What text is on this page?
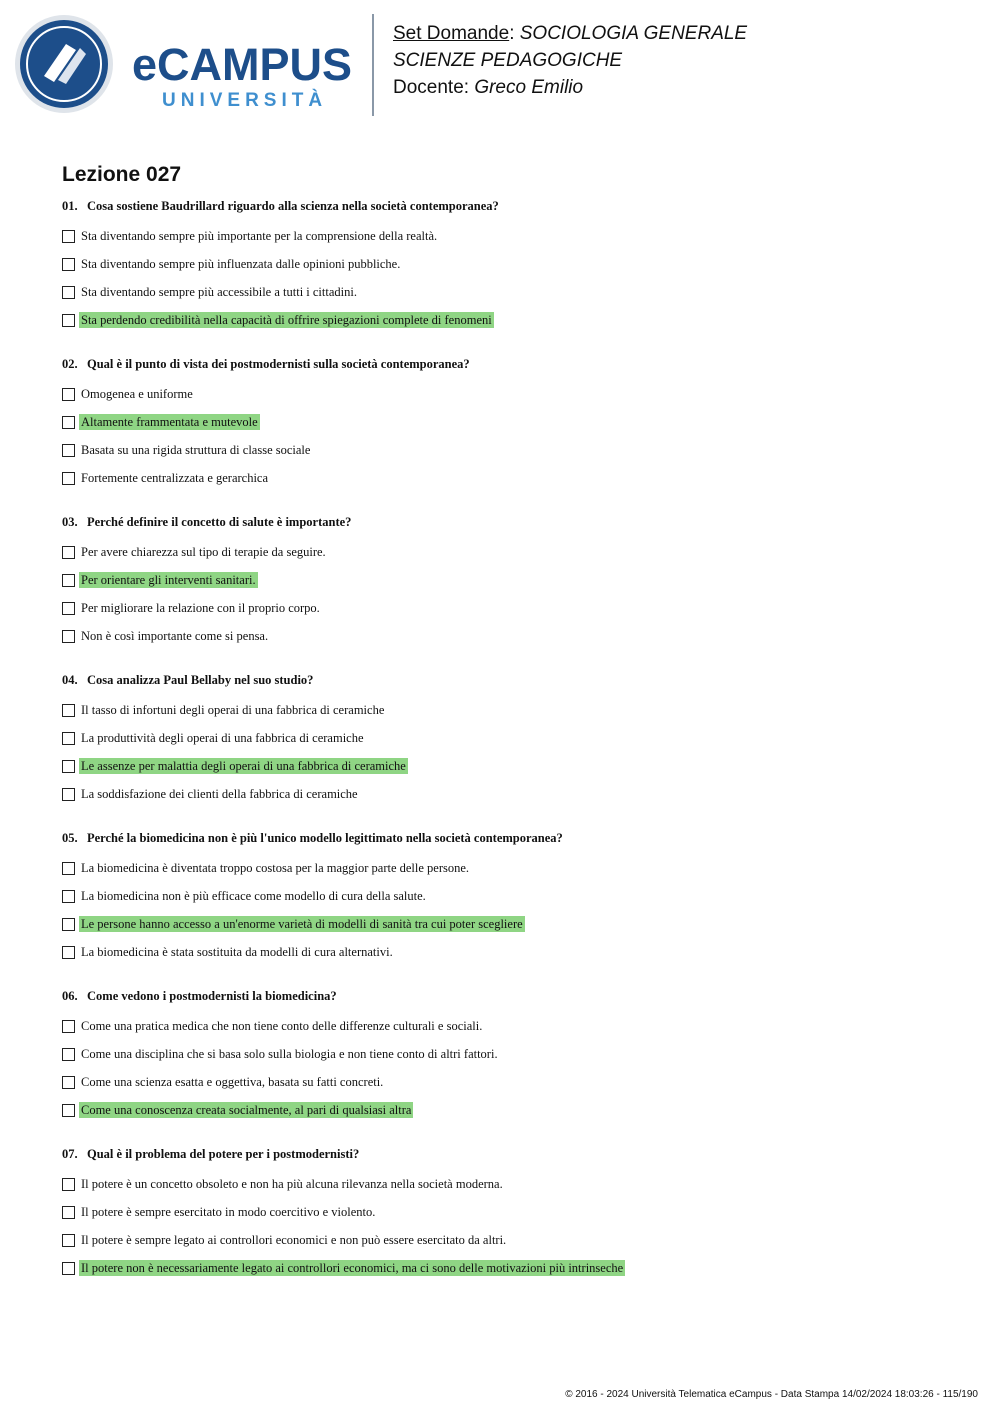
eCAMPUS
UNIVERSITÀ
Set Domande: SOCIOLOGIA GENERALE
SCIENZE PEDAGOGICHE
Docente: Greco Emilio
Lezione 027
01. Cosa sostiene Baudrillard riguardo alla scienza nella società contemporanea?
Sta diventando sempre più importante per la comprensione della realtà.
Sta diventando sempre più influenzata dalle opinioni pubbliche.
Sta diventando sempre più accessibile a tutti i cittadini.
Sta perdendo credibilità nella capacità di offrire spiegazioni complete di fenomeni
02. Qual è il punto di vista dei postmodernisti sulla società contemporanea?
Omogenea e uniforme
Altamente frammentata e mutevole
Basata su una rigida struttura di classe sociale
Fortemente centralizzata e gerarchica
03. Perché definire il concetto di salute è importante?
Per avere chiarezza sul tipo di terapie da seguire.
Per orientare gli interventi sanitari.
Per migliorare la relazione con il proprio corpo.
Non è così importante come si pensa.
04. Cosa analizza Paul Bellaby nel suo studio?
Il tasso di infortuni degli operai di una fabbrica di ceramiche
La produttività degli operai di una fabbrica di ceramiche
Le assenze per malattia degli operai di una fabbrica di ceramiche
La soddisfazione dei clienti della fabbrica di ceramiche
05. Perché la biomedicina non è più l'unico modello legittimato nella società contemporanea?
La biomedicina è diventata troppo costosa per la maggior parte delle persone.
La biomedicina non è più efficace come modello di cura della salute.
Le persone hanno accesso a un'enorme varietà di modelli di sanità tra cui poter scegliere
La biomedicina è stata sostituita da modelli di cura alternativi.
06. Come vedono i postmodernisti la biomedicina?
Come una pratica medica che non tiene conto delle differenze culturali e sociali.
Come una disciplina che si basa solo sulla biologia e non tiene conto di altri fattori.
Come una scienza esatta e oggettiva, basata su fatti concreti.
Come una conoscenza creata socialmente, al pari di qualsiasi altra
07. Qual è il problema del potere per i postmodernisti?
Il potere è un concetto obsoleto e non ha più alcuna rilevanza nella società moderna.
Il potere è sempre esercitato in modo coercitivo e violento.
Il potere è sempre legato ai controllori economici e non può essere esercitato da altri.
Il potere non è necessariamente legato ai controllori economici, ma ci sono delle motivazioni più intrinseche
© 2016 - 2024 Università Telematica eCampus - Data Stampa 14/02/2024 18:03:26 - 115/190
